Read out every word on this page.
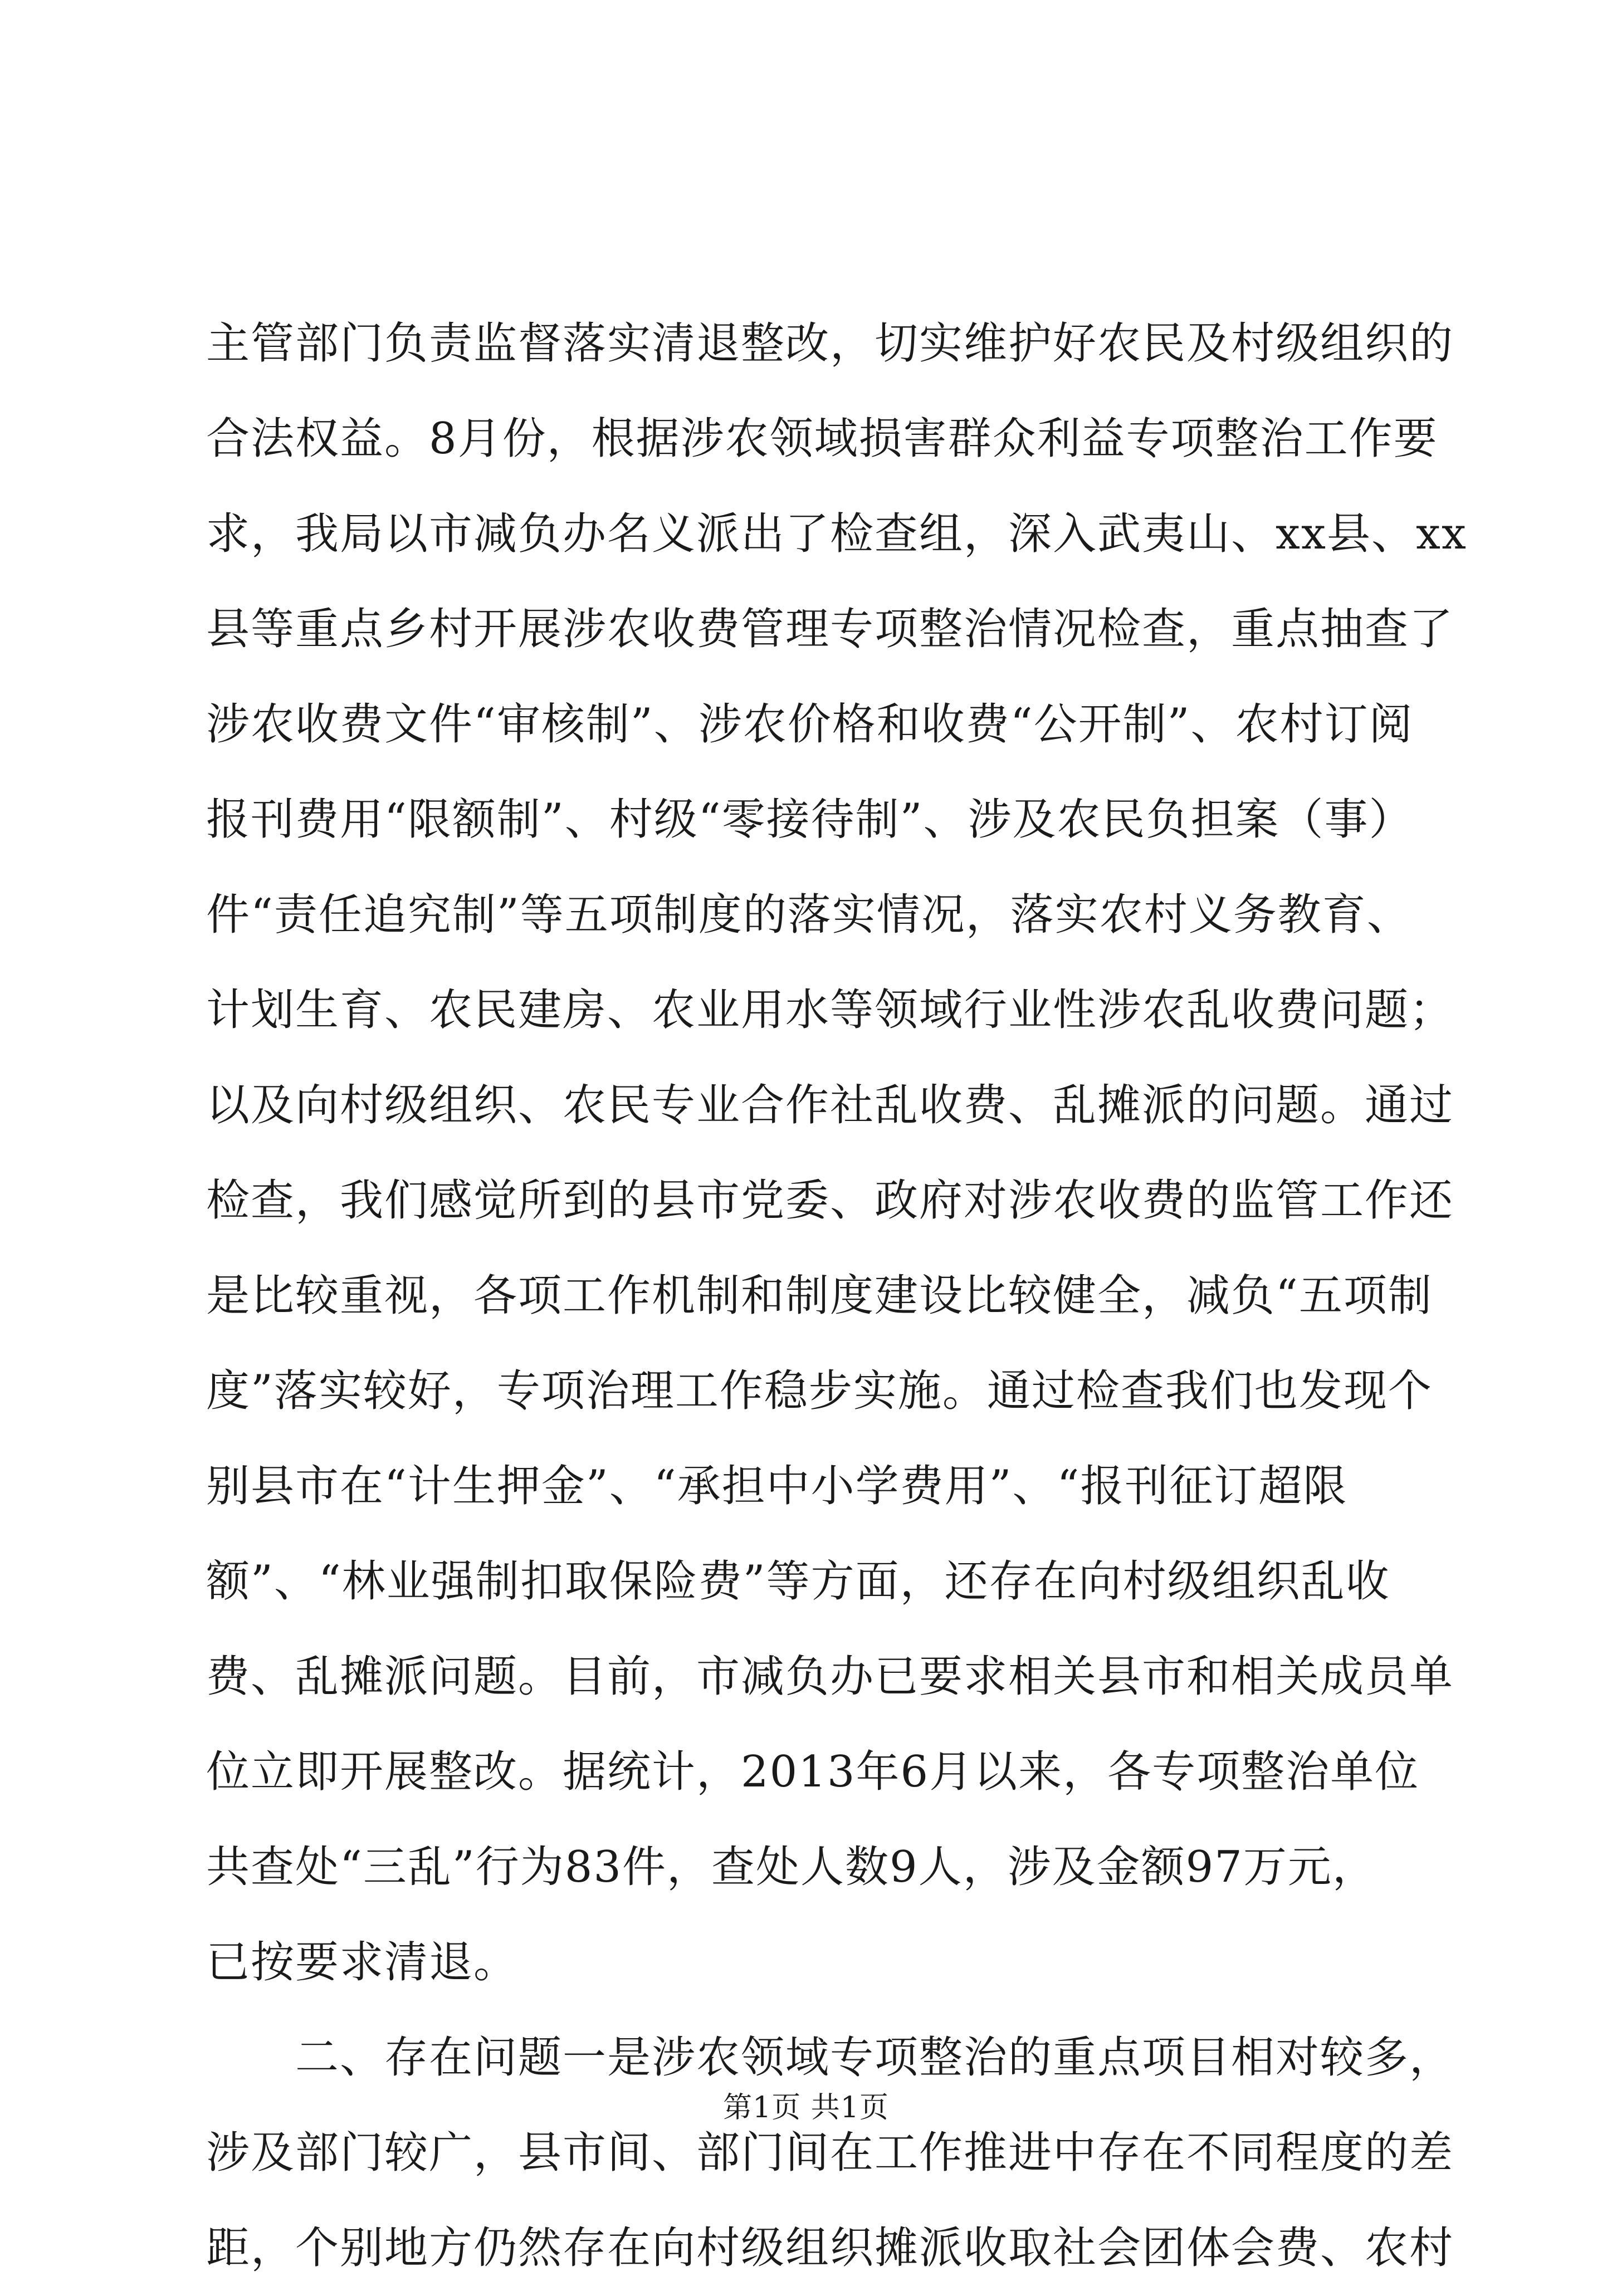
主管部门负责监督落实清退整改，切实维护好农民及村级组织的
合法权益。8月份，根据涉农领域损害群众利益专项整治工作要
求，我局以市减负办名义派出了检查组，深入武夷山、xx县、xx
县等重点乡村开展涉农收费管理专项整治情况检查，重点抽查了
涉农收费文件“审核制”、涉农价格和收费“公开制”、农村订阅
报刊费用“限额制”、村级“零接待制”、涉及农民负担案（事）
件“责任追究制”等五项制度的落实情况，落实农村义务教育、
计划生育、农民建房、农业用水等领域行业性涉农乱收费问题；
以及向村级组织、农民专业合作社乱收费、乱摊派的问题。通过
检查，我们感觉所到的县市党委、政府对涉农收费的监管工作还
是比较重视，各项工作机制和制度建设比较健全，减负“五项制
度”落实较好，专项治理工作稳步实施。通过检查我们也发现个
别县市在“计生押金”、“承担中小学费用”、“报刊征订超限
额”、“林业强制扣取保险费”等方面，还存在向村级组织乱收
费、乱摊派问题。目前，市减负办已要求相关县市和相关成员单
位立即开展整改。据统计，2013年6月以来，各专项整治单位
共查处“三乱”行为83件，查处人数9人，涉及金额97万元，
已按要求清退。
二、存在问题一是涉农领域专项整治的重点项目相对较多，
涉及部门较广，县市间、部门间在工作推进中存在不同程度的差
距，个别地方仍然存在向村级组织摊派收取社会团体会费、农村
第1页 共1页
